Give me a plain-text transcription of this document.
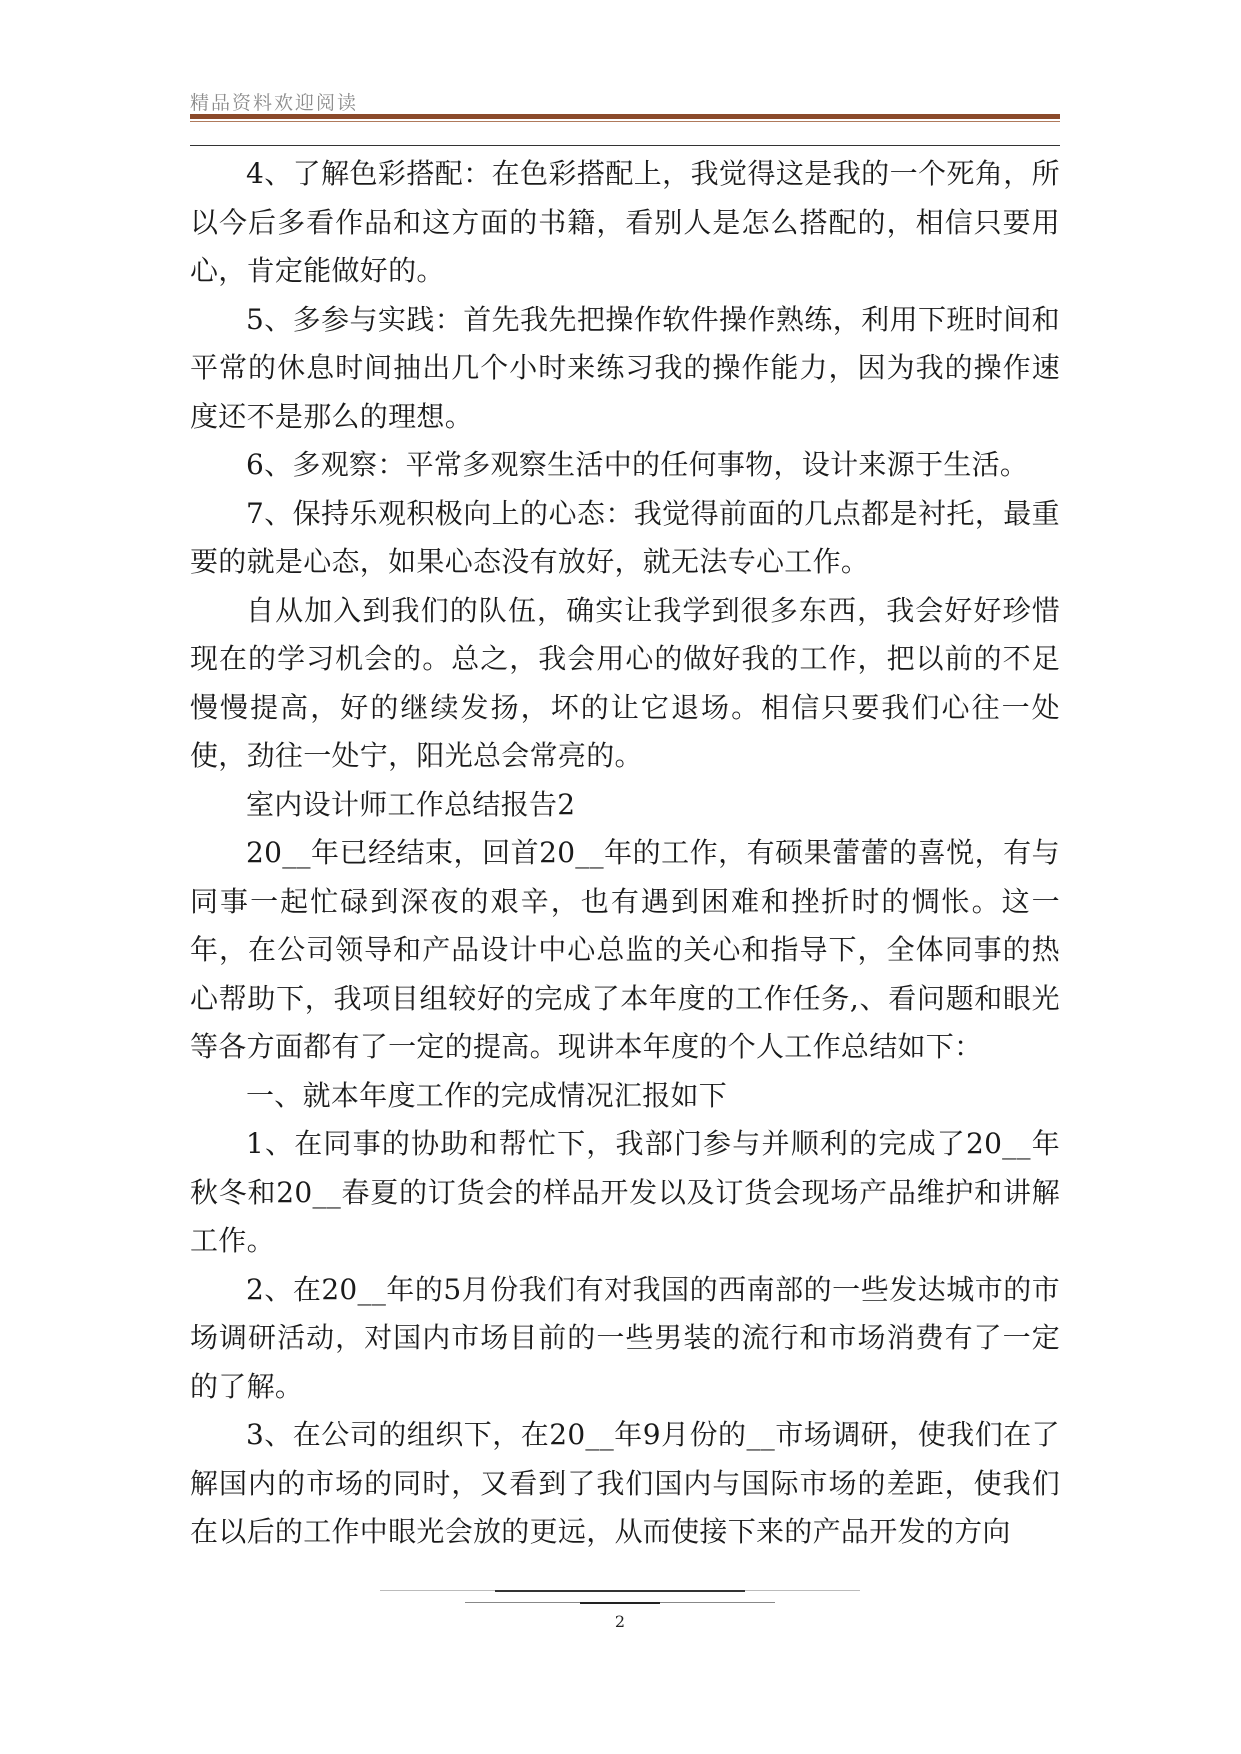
精品资料欢迎阅读

4、了解色彩搭配：在色彩搭配上，我觉得这是我的一个死角，所以今后多看作品和这方面的书籍，看别人是怎么搭配的，相信只要用心，肯定能做好的。

5、多参与实践：首先我先把操作软件操作熟练，利用下班时间和平常的休息时间抽出几个小时来练习我的操作能力，因为我的操作速度还不是那么的理想。

6、多观察：平常多观察生活中的任何事物，设计来源于生活。

7、保持乐观积极向上的心态：我觉得前面的几点都是衬托，最重要的就是心态，如果心态没有放好，就无法专心工作。

自从加入到我们的队伍，确实让我学到很多东西，我会好好珍惜现在的学习机会的。总之，我会用心的做好我的工作，把以前的不足慢慢提高，好的继续发扬，坏的让它退场。相信只要我们心往一处使，劲往一处宁，阳光总会常亮的。

室内设计师工作总结报告2

20__年已经结束，回首20__年的工作，有硕果蕾蕾的喜悦，有与同事一起忙碌到深夜的艰辛，也有遇到困难和挫折时的惆怅。这一年，在公司领导和产品设计中心总监的关心和指导下，全体同事的热心帮助下，我项目组较好的完成了本年度的工作任务,、看问题和眼光等各方面都有了一定的提高。现讲本年度的个人工作总结如下：

一、就本年度工作的完成情况汇报如下

1、在同事的协助和帮忙下，我部门参与并顺利的完成了20__年秋冬和20__春夏的订货会的样品开发以及订货会现场产品维护和讲解工作。

2、在20__年的5月份我们有对我国的西南部的一些发达城市的市场调研活动，对国内市场目前的一些男装的流行和市场消费有了一定的了解。

3、在公司的组织下，在20__年9月份的__市场调研，使我们在了解国内的市场的同时，又看到了我们国内与国际市场的差距，使我们在以后的工作中眼光会放的更远，从而使接下来的产品开发的方向

2
